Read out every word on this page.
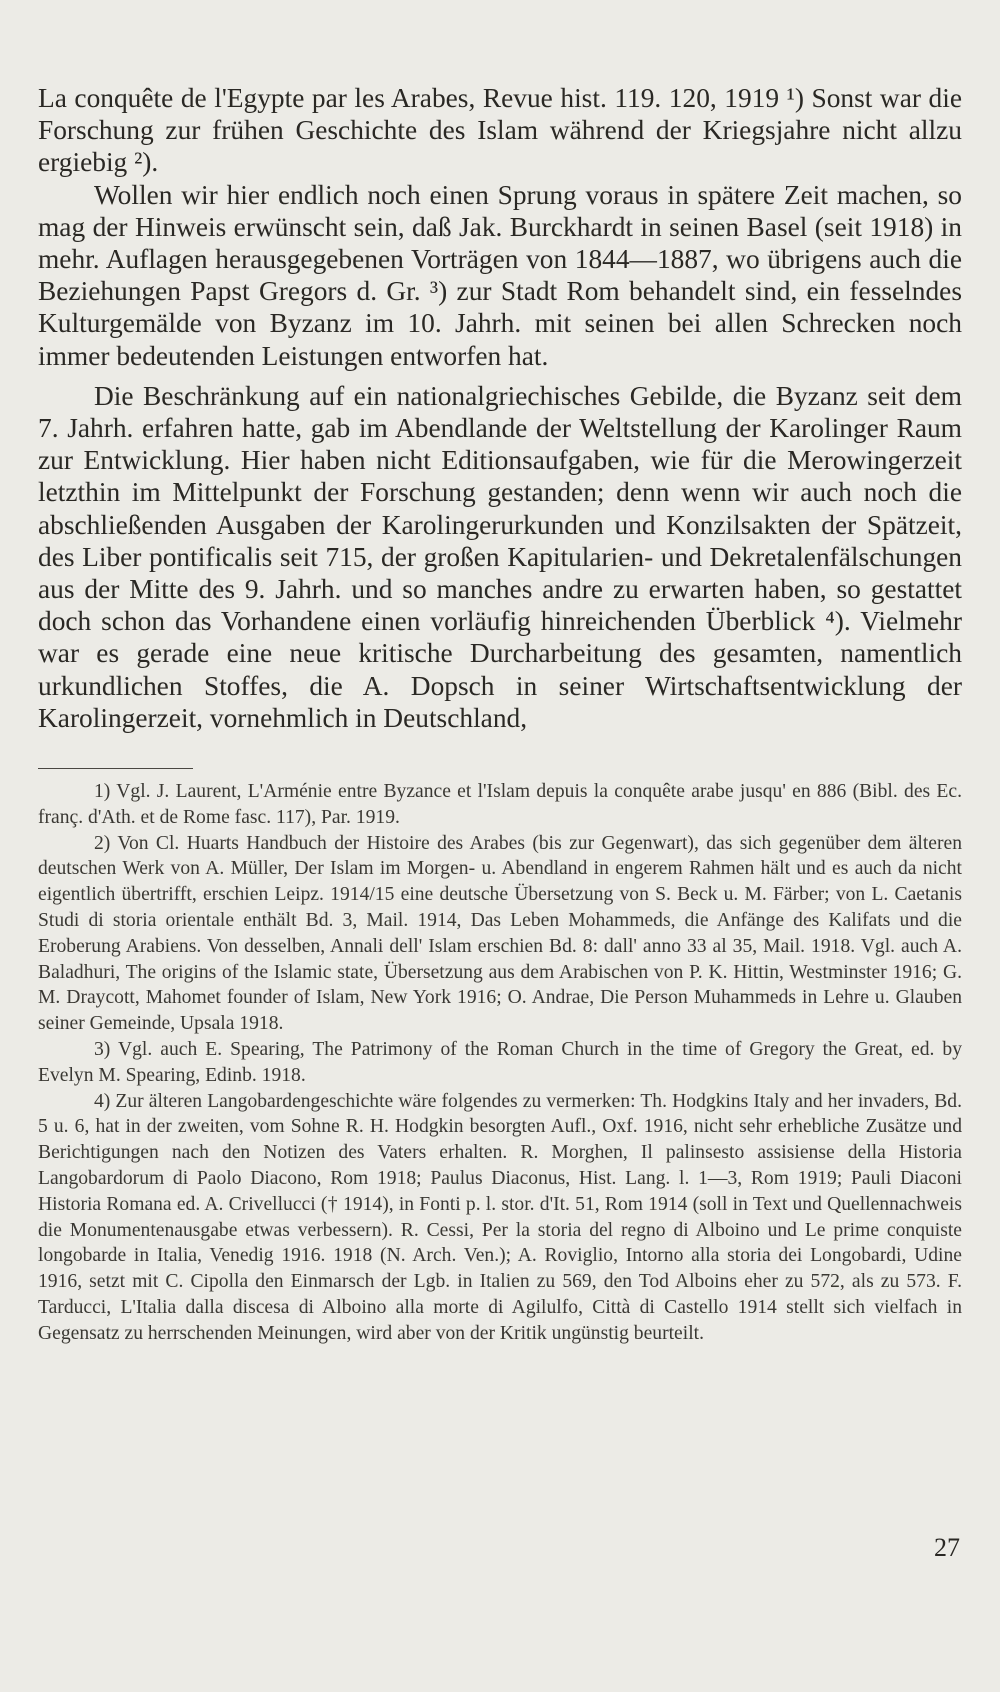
La conquête de l'Egypte par les Arabes, Revue hist. 119. 120, 1919 ¹) Sonst war die Forschung zur frühen Geschichte des Islam während der Kriegsjahre nicht allzu ergiebig ²).

Wollen wir hier endlich noch einen Sprung voraus in spätere Zeit machen, so mag der Hinweis erwünscht sein, daß Jak. Burckhardt in seinen Basel (seit 1918) in mehr. Auflagen herausgegebenen Vorträgen von 1844—1887, wo übrigens auch die Beziehungen Papst Gregors d. Gr. ³) zur Stadt Rom behandelt sind, ein fesselndes Kulturgemälde von Byzanz im 10. Jahrh. mit seinen bei allen Schrecken noch immer bedeutenden Leistungen entworfen hat.

Die Beschränkung auf ein nationalgriechisches Gebilde, die Byzanz seit dem 7. Jahrh. erfahren hatte, gab im Abendlande der Weltstellung der Karolinger Raum zur Entwicklung. Hier haben nicht Editionsaufgaben, wie für die Merowingerzeit letzthin im Mittelpunkt der Forschung gestanden; denn wenn wir auch noch die abschließenden Ausgaben der Karolingerurkunden und Konzilsakten der Spätzeit, des Liber pontificalis seit 715, der großen Kapitularien- und Dekretalenfälschungen aus der Mitte des 9. Jahrh. und so manches andre zu erwarten haben, so gestattet doch schon das Vorhandene einen vorläufig hinreichenden Überblick ⁴). Vielmehr war es gerade eine neue kritische Durcharbeitung des gesamten, namentlich urkundlichen Stoffes, die A. Dopsch in seiner Wirtschaftsentwicklung der Karolingerzeit, vornehmlich in Deutschland,

1) Vgl. J. Laurent, L'Arménie entre Byzance et l'Islam depuis la conquête arabe jusqu' en 886 (Bibl. des Ec. franç. d'Ath. et de Rome fasc. 117), Par. 1919.

2) Von Cl. Huarts Handbuch der Histoire des Arabes (bis zur Gegenwart), das sich gegenüber dem älteren deutschen Werk von A. Müller, Der Islam im Morgen- u. Abendland in engerem Rahmen hält und es auch da nicht eigentlich übertrifft, erschien Leipz. 1914/15 eine deutsche Übersetzung von S. Beck u. M. Färber; von L. Caetanis Studi di storia orientale enthält Bd. 3, Mail. 1914, Das Leben Mohammeds, die Anfänge des Kalifats und die Eroberung Arabiens. Von desselben, Annali dell' Islam erschien Bd. 8: dall' anno 33 al 35, Mail. 1918. Vgl. auch A. Baladhuri, The origins of the Islamic state, Übersetzung aus dem Arabischen von P. K. Hittin, Westminster 1916; G. M. Draycott, Mahomet founder of Islam, New York 1916; O. Andrae, Die Person Muhammeds in Lehre u. Glauben seiner Gemeinde, Upsala 1918.

3) Vgl. auch E. Spearing, The Patrimony of the Roman Church in the time of Gregory the Great, ed. by Evelyn M. Spearing, Edinb. 1918.

4) Zur älteren Langobardengeschichte wäre folgendes zu vermerken: Th. Hodgkins Italy and her invaders, Bd. 5 u. 6, hat in der zweiten, vom Sohne R. H. Hodgkin besorgten Aufl., Oxf. 1916, nicht sehr erhebliche Zusätze und Berichtigungen nach den Notizen des Vaters erhalten. R. Morghen, Il palinsesto assisiense della Historia Langobardorum di Paolo Diacono, Rom 1918; Paulus Diaconus, Hist. Lang. l. 1—3, Rom 1919; Pauli Diaconi Historia Romana ed. A. Crivellucci († 1914), in Fonti p. l. stor. d'It. 51, Rom 1914 (soll in Text und Quellennachweis die Monumentenausgabe etwas verbessern). R. Cessi, Per la storia del regno di Alboino und Le prime conquiste longobarde in Italia, Venedig 1916. 1918 (N. Arch. Ven.); A. Roviglio, Intorno alla storia dei Longobardi, Udine 1916, setzt mit C. Cipolla den Einmarsch der Lgb. in Italien zu 569, den Tod Alboins eher zu 572, als zu 573. F. Tarducci, L'Italia dalla discesa di Alboino alla morte di Agilulfo, Città di Castello 1914 stellt sich vielfach in Gegensatz zu herrschenden Meinungen, wird aber von der Kritik ungünstig beurteilt.

27
